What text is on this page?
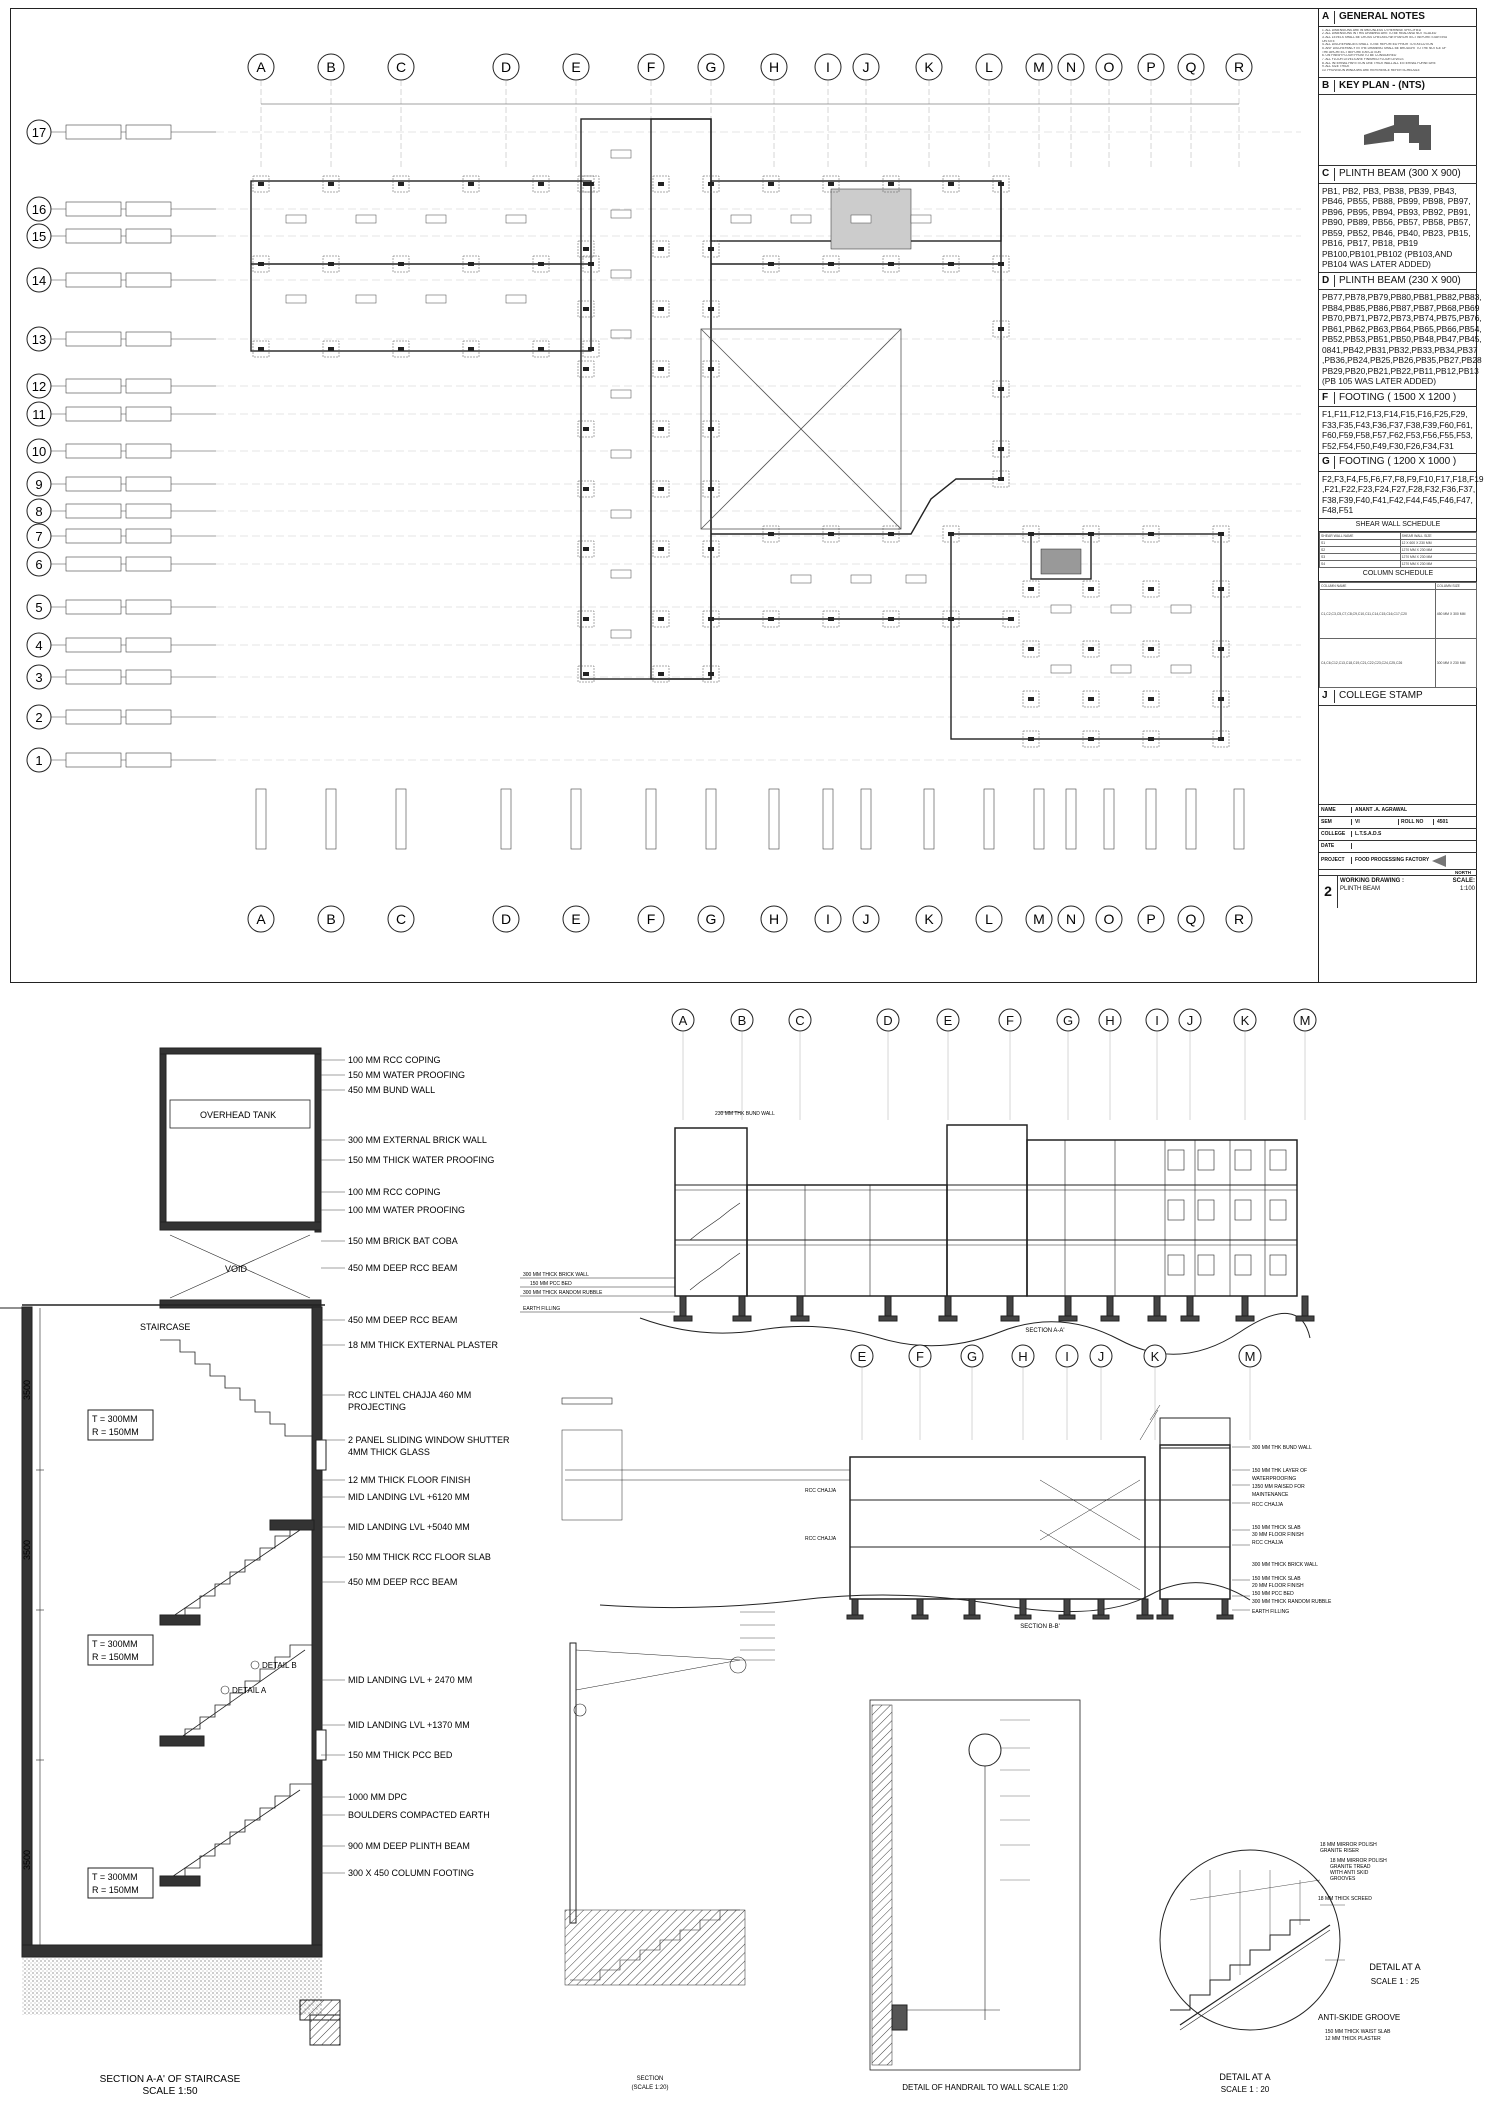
A
A
B
B
C
C
D
D
E
E
F
F
G
G
H
H
I
I
J
J
K
K
L
L
M
M
N
N
O
O
P
P
Q
Q
R
R
17
16
15
14
13
12
11
10
9
8
7
6
5
4
3
2
1
A GENERAL NOTES
1. ALL DIMENSIONS ARE IN MM UNLESS OTHERWISE SPECIFIED
2. ALL DIMENSIONS IN THIS DRAWING ARE TO BE READ AND NOT SCALED
3. ALL LEVELS SHALL BE CROSS CHECKED WITH ARCHITECT BEFORE STARTING
ON SITE
4. ALL DISCREPANCIES SHALL TO BE REPORTED PRIOR TO EXECUTION
5. ANY DISCREPANCY IN THE DRAWING SHALL BE BROUGHT TO THE NOTICE OF
THE ARCHITECT BEFORE EXECUTION
6. ON FINISH FLOOR FROM TO BE CONSIDERED
7. ALL FLOOR LEVELS ARE FINISHED FLOOR LEVELS
8. ALL INTERNAL PARTITION ONE THICK WALL ALL EXTERNAL FURNITURE
9. ALL SIZE THICK
10. PROVISION WINDOWS ARE REFERENCE REFER SCHEDULE
B KEY PLAN - (NTS)
C PLINTH BEAM (300 X 900)
PB1, PB2, PB3, PB38, PB39, PB43, PB46, PB55, PB88, PB99, PB98, PB97, PB96, PB95, PB94, PB93, PB92, PB91, PB90, PB89, PB56, PB57, PB58, PB57, PB59, PB52, PB46, PB40, PB23, PB15, PB16, PB17, PB18, PB19 PB100,PB101,PB102 (PB103,AND PB104 WAS LATER ADDED)
D PLINTH BEAM (230 X 900)
PB77,PB78,PB79,PB80,PB81,PB82,PB83, PB84,PB85,PB86,PB87,PB87,PB68,PB69 PB70,PB71,PB72,PB73,PB74,PB75,PB76, PB61,PB62,PB63,PB64,PB65,PB66,PB54, PB52,PB53,PB51,PB50,PB48,PB47,PB45, 0841,PB42,PB31,PB32,PB33,PB34,PB37 ,PB36,PB24,PB25,PB26,PB35,PB27,PB28 PB29,PB20,PB21,PB22,PB11,PB12,PB13 (PB 105 WAS LATER ADDED)
F FOOTING ( 1500 X 1200 )
F1,F11,F12,F13,F14,F15,F16,F25,F29, F33,F35,F43,F36,F37,F38,F39,F60,F61, F60,F59,F58,F57,F62,F53,F56,F55,F53, F52,F54,F50,F49,F30,F26,F34,F31
G FOOTING ( 1200 X 1000 )
F2,F3,F4,F5,F6,F7,F8,F9,F10,F17,F18,F19 ,F21,F22,F23,F24,F27,F28,F32,F36,F37, F38,F39,F40,F41,F42,F44,F45,F46,F47, F48,F51
SHEAR WALL SCHEDULE
SHEAR WALL NAME	SHEAR WALL SIZE
S1	12 X 600 X 230 MM
S2	1270 MM X 230 MM
S3	1270 MM X 230 MM
S4	1270 MM X 230 MM
COLUMN SCHEDULE
COLUMN NAME	COLUMN SIZE
C1,C2,C3,C5,C7,C8,C9,C10,C11,C14,C15,C16,C17,C20	450 MM X 300 MM
C4,C6,C12,C13,C18,C19,C21,C22,C23,C24,C25,C26	300 MM X 230 MM
J COLLEGE STAMP
NAME	ANANT .A. AGRAWAL
SEM	VI	ROLL NO	4501
COLLEGE	L.T.S.A.D.S
DATE
PROJECT	FOOD PROCESSING FACTORY
NORTH
2
WORKING DRAWING :
PLINTH BEAM
SCALE:
1:100
100 MM RCC COPING
150 MM WATER PROOFING
450 MM BUND WALL
300 MM EXTERNAL BRICK WALL
150 MM THICK WATER PROOFING
100 MM RCC COPING
100 MM WATER PROOFING
150 MM BRICK BAT COBA
450 MM DEEP RCC BEAM
450 MM DEEP RCC BEAM
18 MM THICK EXTERNAL PLASTER
RCC LINTEL CHAJJA 460 MM
PROJECTING
2 PANEL SLIDING WINDOW SHUTTER
4MM THICK GLASS
12 MM THICK FLOOR FINISH
MID LANDING LVL +6120 MM
MID LANDING LVL +5040 MM
150 MM THICK RCC FLOOR SLAB
450 MM DEEP RCC BEAM
MID LANDING LVL + 2470 MM
MID LANDING LVL +1370 MM
150 MM THICK PCC BED
1000 MM DPC
BOULDERS COMPACTED EARTH
900 MM DEEP PLINTH BEAM
300 X 450 COLUMN FOOTING
OVERHEAD TANK
VOID
STAIRCASE
T = 300MM
R = 150MM
T = 300MM
R = 150MM
T = 300MM
R = 150MM
3500
3500
3500
DETAIL B
DETAIL A
SECTION A-A' OF STAIRCASE
SCALE 1:50
A	B	C	D	E	F	G H	I J	K	M
300 MM THICK BRICK WALL
150 MM PCC BED
300 MM THICK RANDOM RUBBLE
EARTH FILLING
230 MM THK BUND WALL
SECTION A-A'
E	F	G	H	I J	K	M
300 MM THK BUND WALL
150 MM THK LAYER OF
WATERPROOFING
1350 MM RAISED FOR
MAINTENANCE
RCC CHAJJA
150 MM THICK SLAB
30 MM FLOOR FINISH
RCC CHAJJA
300 MM THICK BRICK WALL
150 MM THICK SLAB
20 MM FLOOR FINISH
150 MM PCC BED
300 MM THICK RANDOM RUBBLE
EARTH FILLING
RCC CHAJJA
RCC CHAJJA
SECTION B-B'
SECTION
(SCALE 1:20)	DETAIL OF HANDRAIL TO WALL SCALE 1:20
18 MM MIRROR POLISH
GRANITE RISER
18 MM MIRROR POLISH
GRANITE TREAD
WITH ANTI SKID
GROOVES
18 MM THICK SCREED
ANTI-SKIDE GROOVE
150 MM THICK WAIST SLAB
12 MM THICK PLASTER
DETAIL AT A
SCALE 1 : 25
DETAIL AT A
SCALE 1 : 20
